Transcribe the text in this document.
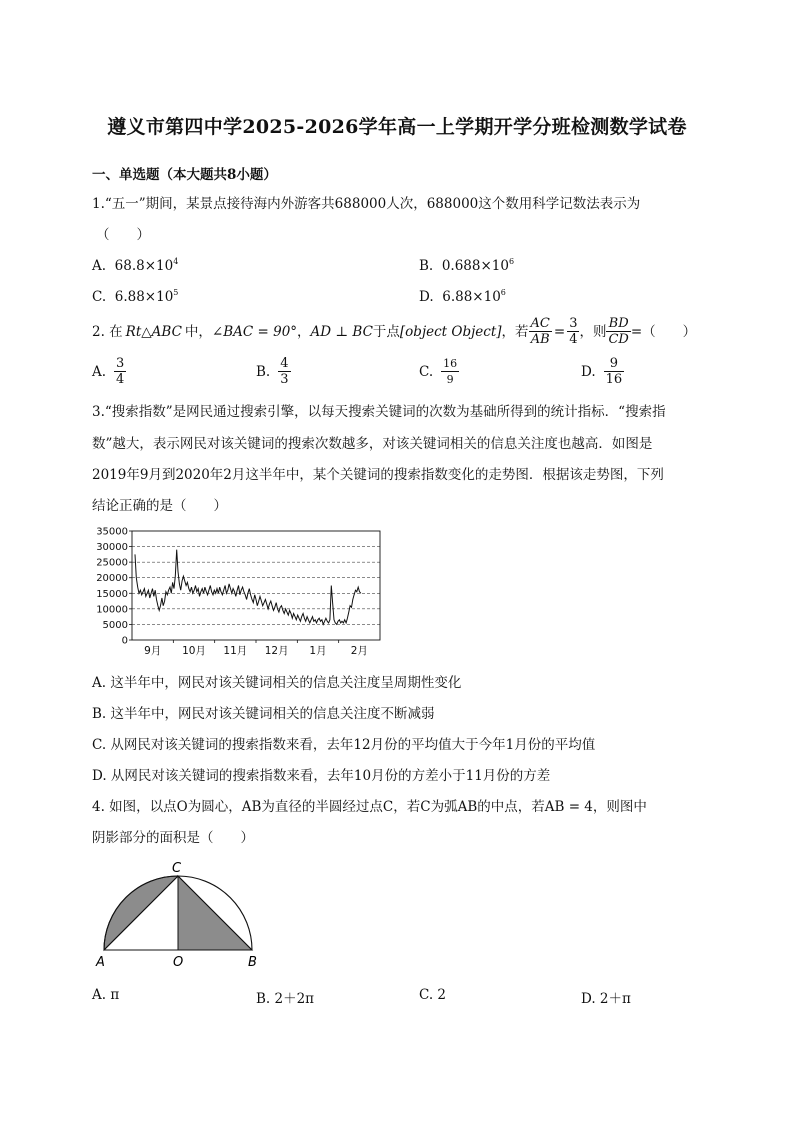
遵义市第四中学2025-2026学年高一上学期开学分班检测数学试卷
一、单选题（本大题共8小题）
1.“五一”期间，某景点接待海内外游客共688000人次，688000这个数用科学记数法表示为
（　　）
A. $68.8\times 10^4$	B. $0.688\times 10^6$
C. $6.88\times 10^5$	D. $6.88\times 10^6$
2. 在 Rt△ABC 中， ∠BAC = 90° ， AD ⊥ BC 于点 [object Object] ，若 $\frac{AC}{AB} = \frac{3}{4}$ ，则 $\frac{BD}{CD}$ =（　　）
A. $\frac{3}{4}$	B. $\frac{4}{3}$	C. $\frac{16}{9}$	D. $\frac{9}{16}$
3.“搜索指数”是网民通过搜索引擎，以每天搜索关键词的次数为基础所得到的统计指标．“搜索指
数”越大，表示网民对该关键词的搜索次数越多，对该关键词相关的信息关注度也越高．如图是
2019年9月到2020年2月这半年中，某个关键词的搜索指数变化的走势图．根据该走势图，下列
结论正确的是（　　）
35000
30000
25000
20000
15000
10000
5000
0
9月 10月 11月 12月 1月 2月
A. 这半年中，网民对该关键词相关的信息关注度呈周期性变化
B. 这半年中，网民对该关键词相关的信息关注度不断减弱
C. 从网民对该关键词的搜索指数来看，去年12月份的平均值大于今年1月份的平均值
D. 从网民对该关键词的搜索指数来看，去年10月份的方差小于11月份的方差
4. 如图，以点O为圆心，AB为直径的半圆经过点C，若C为弧AB的中点，若AB = 4，则图中
阴影部分的面积是（　　）
C
A	O	B
A. π	B. 2＋2π	C. 2	D. 2＋π
